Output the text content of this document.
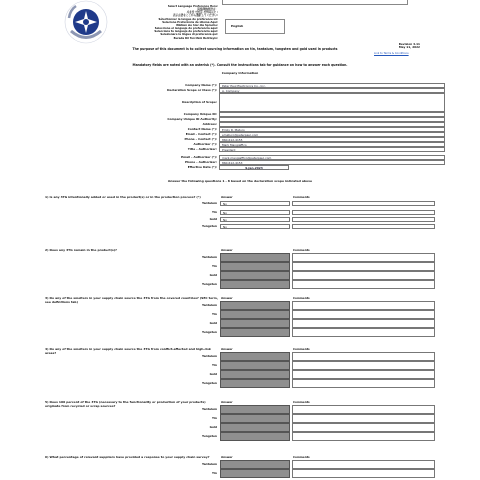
Select Language Preference Here:
请选择你的语言：
사용할 언어를 선택하시오 :
表示言語をここから選択してください:
Sélectionner la langue de préférence ici:
Selecione Preferência de idioma Aqui:
Wählen sie hier die Sprache:
Seleccione el lenguaje de preferencia aqui:
Selecciona tu lenguaje de preferencia aqui:
Selezionare la lingua di preferenza qui:
Burada Dil Tercihini Belirleyin:
English
Revision 4.11
May 11, 2022
The purpose of this document is to collect sourcing information on tin, tantalum, tungsten and gold used in products
Link to Terms & Conditions
Mandatory fields are noted with an asterisk (*). Consult the instructions tab for guidance on how to answer each question.
Company Information
Company Name (*):	Peter Paul Electronics Co., Inc.
Declaration Scope or Class (*):	A. Company
Description of Scope:
Company Unique ID:
Company Unique ID Authority:
Address:
Contact Name (*):	Emily R. Maturo
Email – Contact (*):	ematuro@peterpaul.com
Phone – Contact (*):	860-612-4155
Authorizer (*):	Mark Mangiaffico
Title – Authorizer:	President
Email – Authorizer (*):	mark.mangiaffico@peterpaul.com
Phone – Authorizer:	860-612-4153
Effective Date (*):	9-Jan-2023
Answer the following questions 1 - 8 based on the declaration scope indicated above
1) Is any 3TG intentionally added or used in the product(s) or in the production process? (*)	Answer	Comments
Tantalum	No
Tin	No
Gold	No
Tungsten	No
2) Does any 3TG remain in the product(s)?	Answer	Comments
Tantalum
Tin
Gold
Tungsten
3) Do any of the smelters in your supply chain source the 3TG from the covered countries? (SEC term, see definitions tab)
Answer	Comments
Tantalum
Tin
Gold
Tungsten
4) Do any of the smelters in your supply chain source the 3TG from conflict-affected and high-risk areas?
Answer	Comments
Tantalum
Tin
Gold
Tungsten
5) Does 100 percent of the 3TG (necessary to the functionality or production of your products) originate from recycled or scrap sources?
Answer	Comments
Tantalum
Tin
Gold
Tungsten
6) What percentage of relevant suppliers have provided a response to your supply chain survey?	Answer	Comments
Tantalum
Tin
